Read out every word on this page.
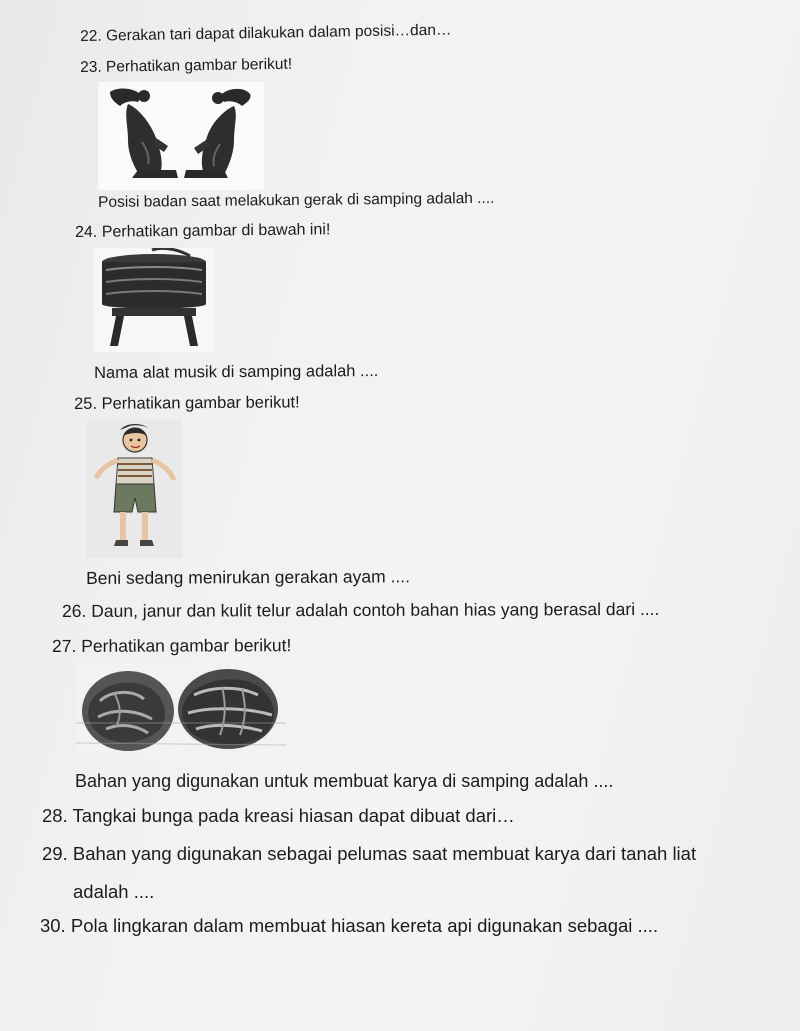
22. Gerakan tari dapat dilakukan dalam posisi…dan…
23. Perhatikan gambar berikut!
Posisi badan saat melakukan gerak di samping adalah ....
24. Perhatikan gambar di bawah ini!
Nama alat musik di samping adalah ....
25. Perhatikan gambar berikut!
Beni sedang menirukan gerakan ayam ....
26. Daun, janur dan kulit telur adalah contoh bahan hias yang berasal dari ....
27. Perhatikan gambar berikut!
Bahan yang digunakan untuk membuat karya di samping adalah ....
28. Tangkai bunga pada kreasi hiasan dapat dibuat dari…
29. Bahan yang digunakan sebagai pelumas saat membuat karya dari tanah liat
adalah ....
30. Pola lingkaran dalam membuat hiasan kereta api digunakan sebagai ....
